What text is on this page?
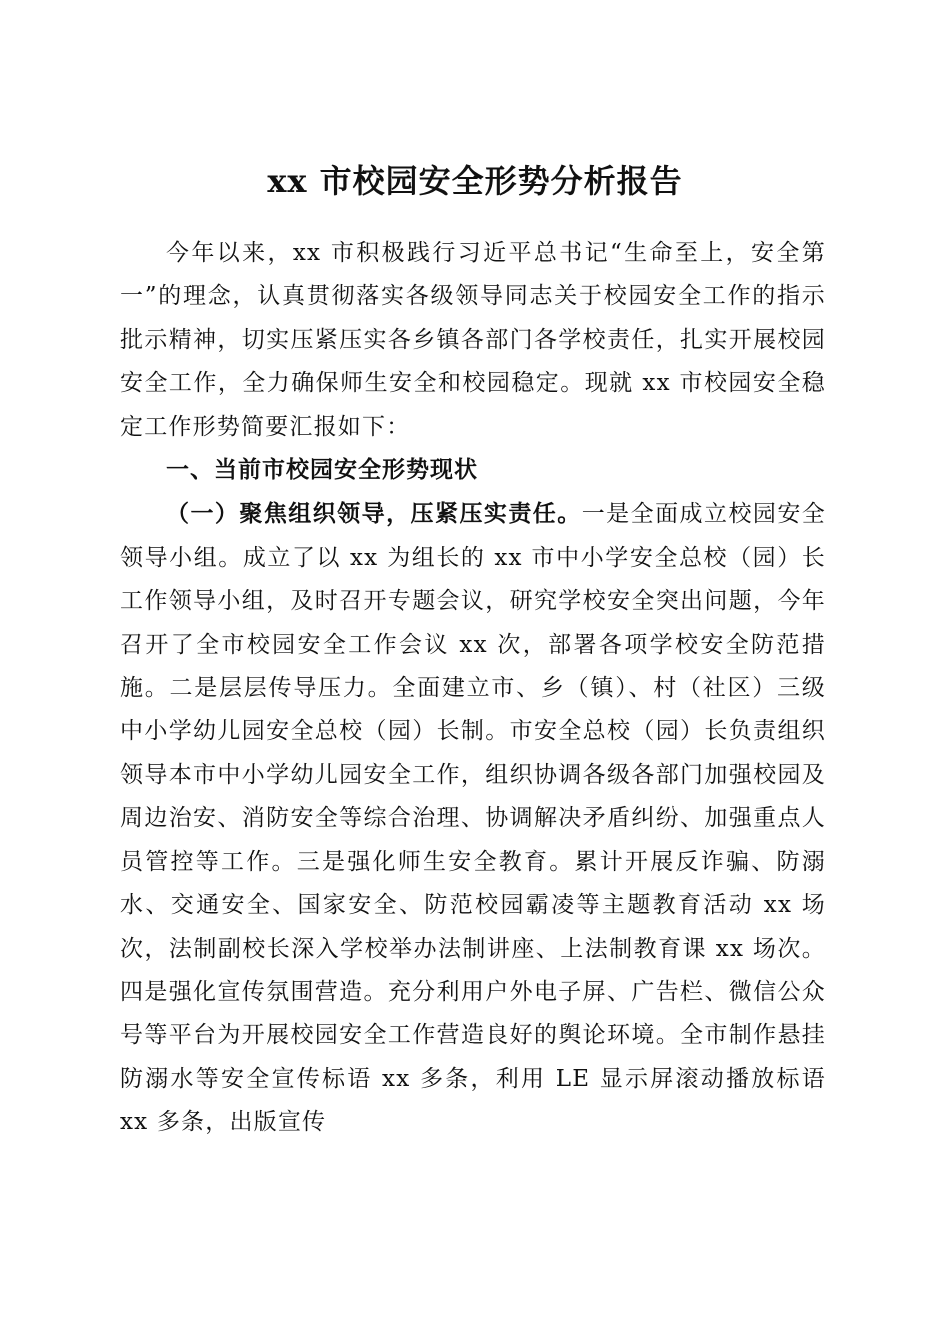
xx 市校园安全形势分析报告

今年以来，xx 市积极践行习近平总书记“生命至上，安全第一”的理念，认真贯彻落实各级领导同志关于校园安全工作的指示批示精神，切实压紧压实各乡镇各部门各学校责任，扎实开展校园安全工作，全力确保师生安全和校园稳定。现就 xx 市校园安全稳定工作形势简要汇报如下：

一、当前市校园安全形势现状

（一）聚焦组织领导，压紧压实责任。一是全面成立校园安全领导小组。成立了以 xx 为组长的 xx 市中小学安全总校（园）长工作领导小组，及时召开专题会议，研究学校安全突出问题，今年召开了全市校园安全工作会议 xx 次，部署各项学校安全防范措施。二是层层传导压力。全面建立市、乡（镇）、村（社区）三级中小学幼儿园安全总校（园）长制。市安全总校（园）长负责组织领导本市中小学幼儿园安全工作，组织协调各级各部门加强校园及周边治安、消防安全等综合治理、协调解决矛盾纠纷、加强重点人员管控等工作。三是强化师生安全教育。累计开展反诈骗、防溺水、交通安全、国家安全、防范校园霸凌等主题教育活动 xx 场次，法制副校长深入学校举办法制讲座、上法制教育课 xx 场次。四是强化宣传氛围营造。充分利用户外电子屏、广告栏、微信公众号等平台为开展校园安全工作营造良好的舆论环境。全市制作悬挂防溺水等安全宣传标语 xx 多条，利用 LE 显示屏滚动播放标语 xx 多条，出版宣传
